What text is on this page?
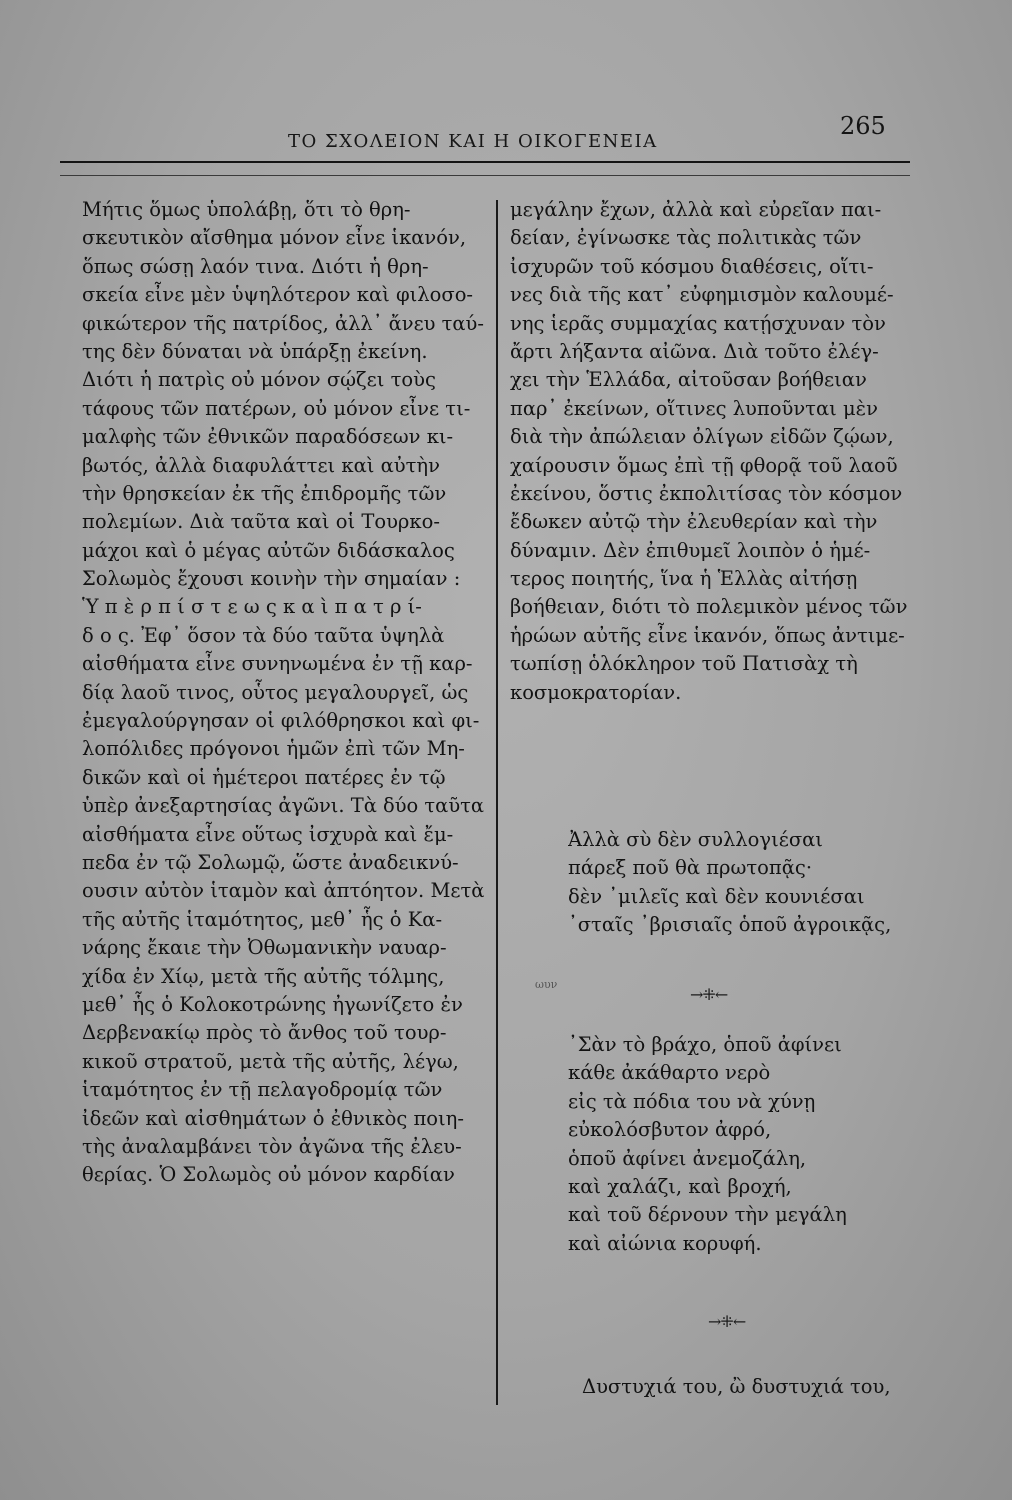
265
ΤΟ ΣΧΟΛΕΙΟΝ ΚΑΙ Η ΟΙΚΟΓΕΝΕΙΑ
Μήτις ὅμως ὑπολάβῃ, ὅτι τὸ θρη-
σκευτικὸν αἴσθημα μόνον εἶνε ἱκανόν,
ὅπως σώσῃ λαόν τινα. Διότι ἡ θρη-
σκεία εἶνε μὲν ὑψηλότερον καὶ φιλοσο-
φικώτερον τῆς πατρίδος, ἀλλ᾽ ἄνευ ταύ-
της δὲν δύναται νὰ ὑπάρξῃ ἐκείνη.
Διότι ἡ πατρὶς οὐ μόνον σῴζει τοὺς
τάφους τῶν πατέρων, οὐ μόνον εἶνε τι-
μαλφὴς τῶν ἐθνικῶν παραδόσεων κι-
βωτός, ἀλλὰ διαφυλάττει καὶ αὐτὴν
τὴν θρησκείαν ἐκ τῆς ἐπιδρομῆς τῶν
πολεμίων. Διὰ ταῦτα καὶ οἱ Τουρκο-
μάχοι καὶ ὁ μέγας αὐτῶν διδάσκαλος
Σολωμὸς ἔχουσι κοινὴν τὴν σημαίαν :
Ὑ π ὲ ρ π ί σ τ ε ω ς κ α ὶ π α τ ρ ί-
δ ο ς. Ἐφ᾽ ὅσον τὰ δύο ταῦτα ὑψηλὰ
αἰσθήματα εἶνε συνηνωμένα ἐν τῇ καρ-
δίᾳ λαοῦ τινος, οὗτος μεγαλουργεῖ, ὡς
ἐμεγαλούργησαν οἱ φιλόθρησκοι καὶ φι-
λοπόλιδες πρόγονοι ἡμῶν ἐπὶ τῶν Μη-
δικῶν καὶ οἱ ἡμέτεροι πατέρες ἐν τῷ
ὑπὲρ ἀνεξαρτησίας ἀγῶνι. Τὰ δύο ταῦτα
αἰσθήματα εἶνε οὕτως ἰσχυρὰ καὶ ἔμ-
πεδα ἐν τῷ Σολωμῷ, ὥστε ἀναδεικνύ-
ουσιν αὐτὸν ἱταμὸν καὶ ἀπτόητον. Μετὰ
τῆς αὐτῆς ἱταμότητος, μεθ᾽ ἧς ὁ Κα-
νάρης ἔκαιε τὴν Ὀθωμανικὴν ναυαρ-
χίδα ἐν Χίῳ, μετὰ τῆς αὐτῆς τόλμης,
μεθ᾽ ἧς ὁ Κολοκοτρώνης ἠγωνίζετο ἐν
Δερβενακίῳ πρὸς τὸ ἄνθος τοῦ τουρ-
κικοῦ στρατοῦ, μετὰ τῆς αὐτῆς, λέγω,
ἱταμότητος ἐν τῇ πελαγοδρομίᾳ τῶν
ἰδεῶν καὶ αἰσθημάτων ὁ ἐθνικὸς ποιη-
τὴς ἀναλαμβάνει τὸν ἀγῶνα τῆς ἐλευ-
θερίας. Ὁ Σολωμὸς οὐ μόνον καρδίαν
μεγάλην ἔχων, ἀλλὰ καὶ εὐρεῖαν παι-
δείαν, ἐγίνωσκε τὰς πολιτικὰς τῶν
ἰσχυρῶν τοῦ κόσμου διαθέσεις, οἵτι-
νες διὰ τῆς κατ᾽ εὐφημισμὸν καλουμέ-
νης ἱερᾶς συμμαχίας κατῄσχυναν τὸν
ἄρτι λήξαντα αἰῶνα. Διὰ τοῦτο ἐλέγ-
χει τὴν Ἑλλάδα, αἰτοῦσαν βοήθειαν
παρ᾽ ἐκείνων, οἵτινες λυποῦνται μὲν
διὰ τὴν ἀπώλειαν ὀλίγων εἰδῶν ζῴων,
χαίρουσιν ὅμως ἐπὶ τῇ φθορᾷ τοῦ λαοῦ
ἐκείνου, ὅστις ἐκπολιτίσας τὸν κόσμον
ἔδωκεν αὐτῷ τὴν ἐλευθερίαν καὶ τὴν
δύναμιν. Δὲν ἐπιθυμεῖ λοιπὸν ὁ ἡμέ-
τερος ποιητής, ἵνα ἡ Ἑλλὰς αἰτήσῃ
βοήθειαν, διότι τὸ πολεμικὸν μένος τῶν
ἡρώων αὐτῆς εἶνε ἱκανόν, ὅπως ἀντιμε-
τωπίσῃ ὁλόκληρον τοῦ Πατισὰχ τὴ
κοσμοκρατορίαν.
Ἀλλὰ σὺ δὲν συλλογιέσαι
πάρεξ ποῦ θὰ πρωτοπᾷς·
δὲν ᾽μιλεῖς καὶ δὲν κουνιέσαι
᾽σταῖς ᾽βρισιαῖς ὁποῦ ἀγροικᾷς,
ωυν
→⁜←
᾽Σὰν τὸ βράχο, ὁποῦ ἀφίνει
κάθε ἀκάθαρτο νερὸ
εἰς τὰ πόδια του νὰ χύνῃ
εὐκολόσβυτον ἀφρό,
ὁποῦ ἀφίνει ἀνεμοζάλη,
καὶ χαλάζι, καὶ βροχή,
καὶ τοῦ δέρνουν τὴν μεγάλη
καὶ αἰώνια κορυφή.
→⁜←
Δυστυχιά του, ὢ δυστυχιά του,
